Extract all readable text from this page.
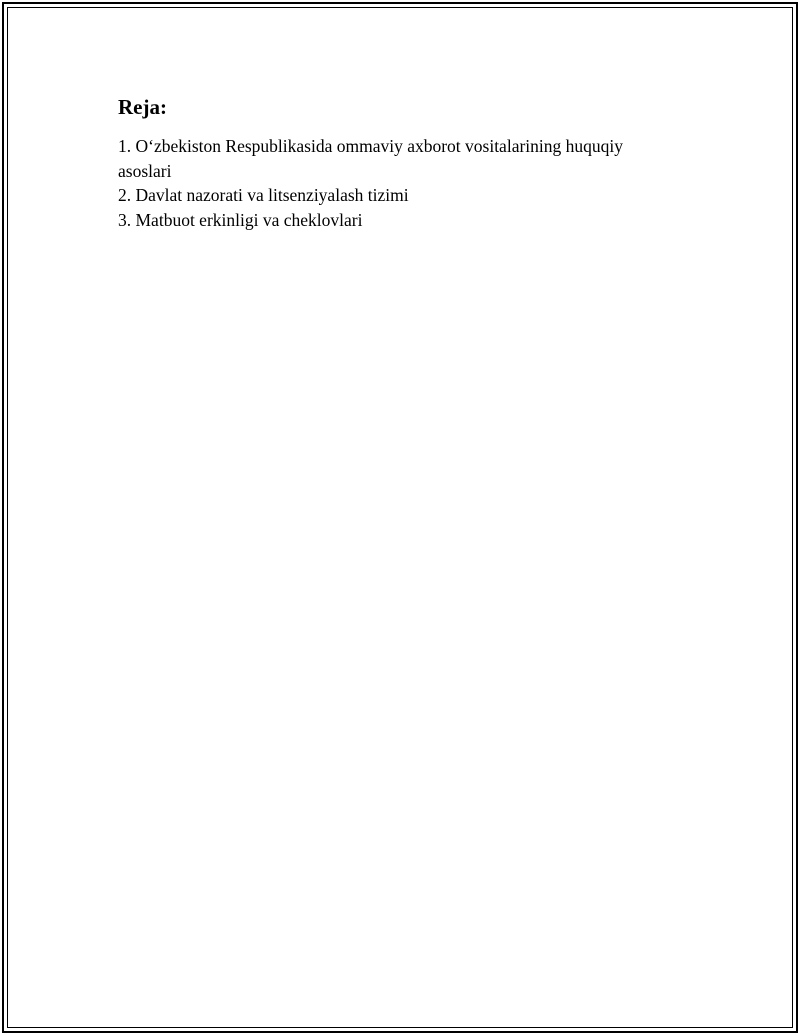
Reja:
1. O‘zbekiston Respublikasida ommaviy axborot vositalarining huquqiy asoslari
2. Davlat nazorati va litsenziyalash tizimi
3. Matbuot erkinligi va cheklovlari
